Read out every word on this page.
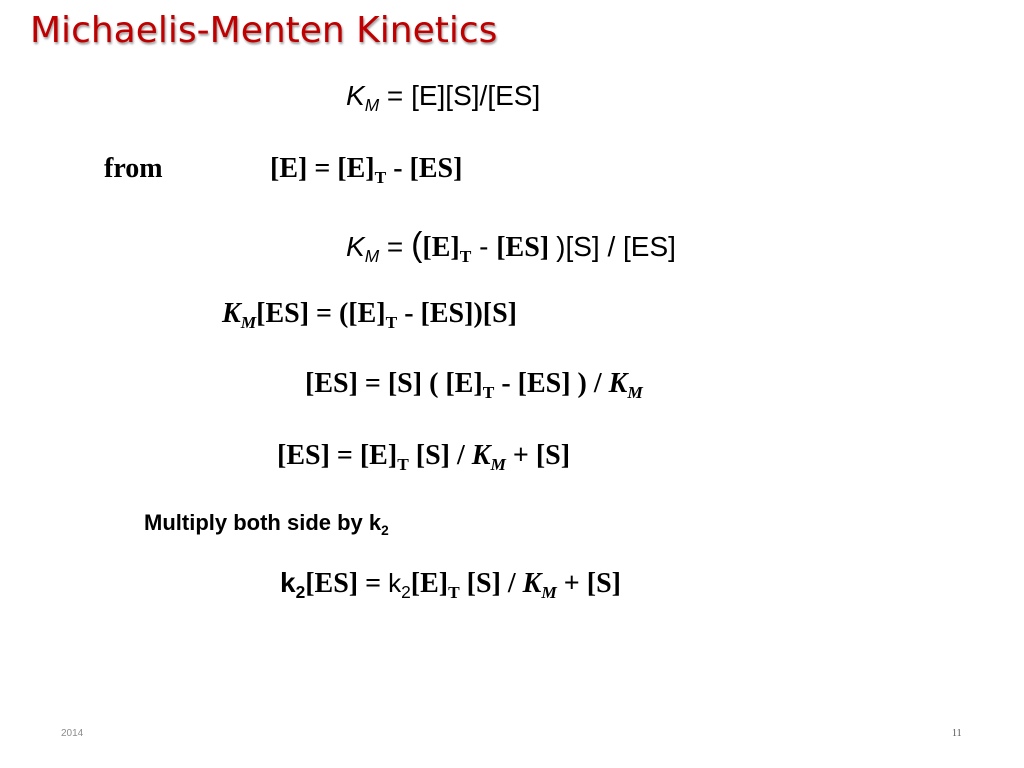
Michaelis-Menten Kinetics
$K_M = [E][S]/[ES]$
from	$[E] = [E]_T - [ES]$
$K_M = ([E]_T - [ES]$ )[S] / [ES]
$K_M[ES] = ([E]_T - [ES])[S]$
[ES] = [S] ( $[E]_T - [ES]$ ) / $K_M$
$[ES] = [E]_T$ $[S] / K_M + [S]$
Multiply both side by $k_2$
$k_2[ES] = k_2[E]_T$ $[S] / K_M + [S]$
2014	11
